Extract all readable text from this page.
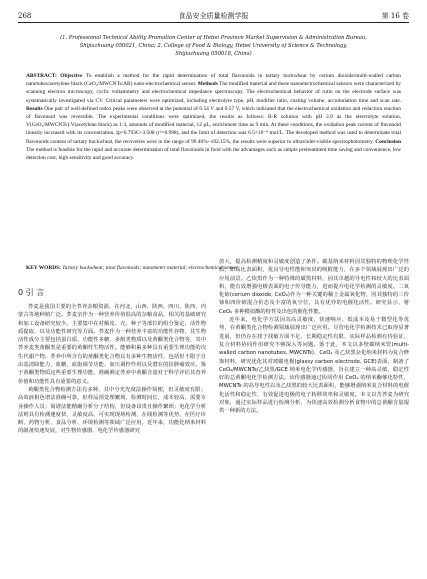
268	食品安全质量检测学报	第 16 卷
(1. Professional Technical Ability Promotion Center of Hebei Province Market Supervision & Administration Bureau,
Shijiazhuang 050021, China; 2. College of Food & Biology, Hebei University of Science & Technology,
Shijiazhuang 050018, China)

ABSTRACT: Objective To establish a method for the rapid determination of total flavonoids in tartary buckwheat by cerium dioxide/multi-walled carbon nanotubes/acetylene black (CeO₂/MWCNTs/AB) nano-electrochemical sensor. Methods The modified material and these nanoelectrochemical sensors were characterized by scanning electron microscopy, cyclic voltammetry and electrochemical impedance spectroscopy. The electrochemical behavior of rutin on the electrode surface was systematically investigated via CV. Critical parameters were optimized, including electrolyte type, pH, modifier ratio, coating volume, accumulation time and scan rate. Results One pair of well-defined redox peaks were observed at the potential of 0.54 V and 0.57 V, which indicated that the electrochemical oxidation and reduction reaction of flavonoid was reversible. The experimental conditions were optimized, the results as follows: B-R solution with pH 2.0 as the electrolyte solution, V(CeO₂/MWCNTs):V(acetylene black) as 1:3, amounts of modified material, 12 μL, enrichment time as 9 min. At these conditions, the oxidation peak current of flavonoid linearly increased with its concentration, Ip=0.793C+3.508 (r²=0.998), and the limit of detection was 6.5×10⁻⁸ mol/L. The developed method was used to determinate total flavonoids content of tartary buckwheat, the recoveries were in the range of 99.46%~102.15%, the results were superior to ultraviolet-visible spectrophotometry. Conclusion The method is feasible for the rapid and accurate determination of total flavonoids in food with the advantages such as simple pretreatment time saving and convenience, low detection cost, high sensitivity and good accuracy.

KEY WORDS: Tartary buckwheat; total flavonoids; nanometer material; electrochemical sensor
0 引 言

荞麦是我国主要的全荞养杂粮资源，在河北、山西、陕西、四川、陕西、内蒙古等地种植广泛。荞麦亲作为一种营养价值很高的杂粮食品，相关的基础研究和加工设备研究较少。主要集中在对额皮、壳、种子等部位的组分鉴定、活性物质提取、以及功能性研究等方面。荞麦作为一种营养丰富的功能性谷物，其生物活性成分主要包括蛋白质、功能性多糖、多酚类物质以及黄酮类化合物等，其中荞养麦类黄酮类是重要的黄酮性生物活性。能够积累多种具有重要生理功能的次生代谢产物。荞养中所含有的黄酮类化合物具有多种生物活性，包括但不限于自由基清除能力、血糖、血脂调节功能、血压调控作用以及潜在的抗肿瘤效应。鉴于黄酮类物质这些重要生理功能，准确测定荞养中黄酮含量对于科学评估其营养价值和功能性具有重要的意义。

黄酮类化合物检测方法有多种，其中分光光度法操作简便，但灵敏度有限；高效液相色谱法准确可靠，但样品预处理繁琐，检测时间长，成本较高，需要专业操作人员；简谱法能精确分析分子结构，但设备昂贵且操作繁琐；电化学分析法则具有检测速度快、灵敏度高、可实现现场检测，在线检测等优势，在医疗诊断、药物分析、食品分析、环境检测等领域广泛应用。近年来，功能化纳米材料的制备快速发展，对生物传感器、电化学传感器研究

放大，提高检测精度和灵敏度创造了条件。碳基纳米材料因其独特的物理化学性质，如高比表面积，优良导电性能和突出的吸附能力，在多个领域展现出广泛的应用前景。乙炔黑作为一种特殊的碳黑材料，因其卓越的导电性和较大的比表面积，能有效增强电极表面的电子传导能力，进而提升电化学检测的灵敏度。二氧化铈(cerium dioxide, CeO₂)作为一种关键的稀土金属氧化物，因其独特的三价铈和四价铈混合价态及丰富的氧空位，具有优异的电催化活性。研究显示，将 CeO₂ 多种模拟酶的特性及出色的催化性能。

近年来，电化学方法因其高灵敏度、快速响应、低成本及易于微型化等优势，在黄酮类化合物检测领域展现出广泛应用。尽管电化学检测技术已取得显著进展，但仍存在找于找敏方面不足、长期稳定性有限、实际样品检测有待验证、复合材料协同作用研究不够深入等问题。鉴于此，本文以多壁碳纳米管(multi-walled carbon nanotubes, MWCNTs)、CeO₂ 及乙炔黑杂化纳米材料为复合修饰材料，研究优化其对玻碳电极(glassy carbon electrode, GCE)表面，制备了 CeO₂/MWCNTs/乙炔黑/GCE 纳米电化学传感器，旨在建立一种高灵敏、稳定性好的总黄酮电化学检测方法。该传感器通过协同作用 CeO₂ 的纳米酶催化特性，MWCNTs 的高导电性以及乙炔黑的较大比表面积，能够增强纳米复合材料的电催化活性和稳定性，有效促进电极的电子转移效率和灵敏度。本文以苦荞麦为研究对象，通过实际样品进行检测分析，为快速高效检测分析食物中的总黄酮含量提供一种新的方法。
